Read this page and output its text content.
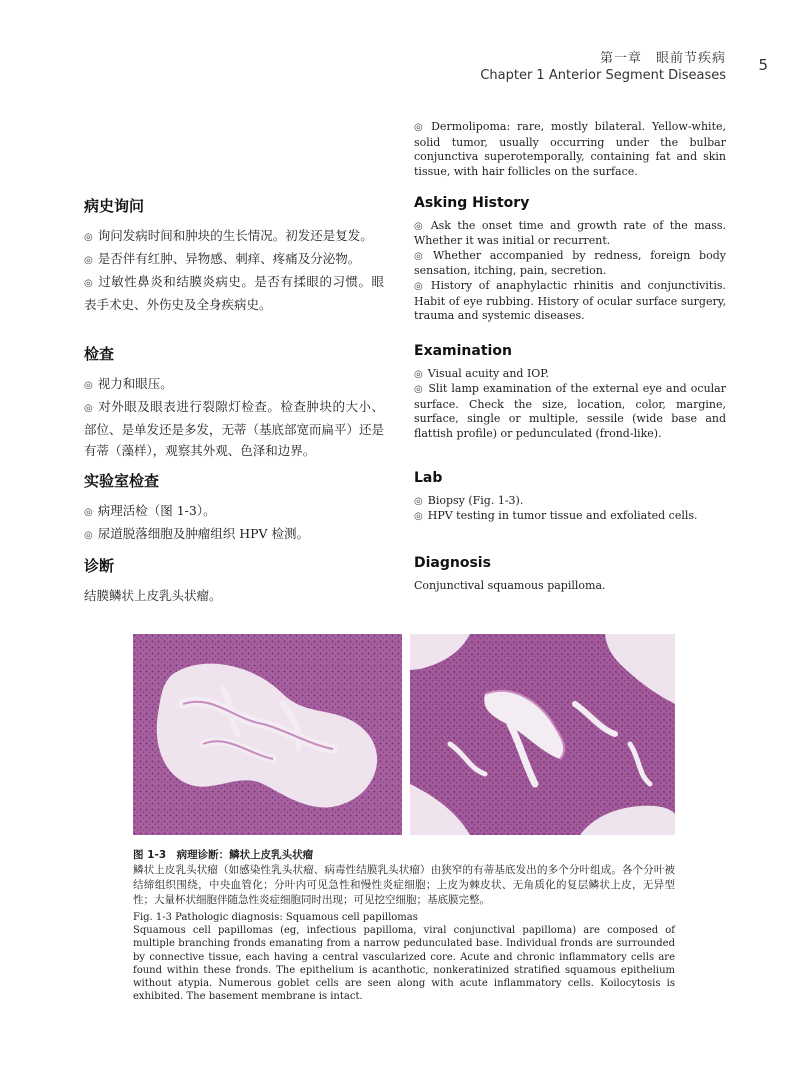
第一章　眼前节疾病
Chapter 1 Anterior Segment Diseases
5
◎ Dermolipoma: rare, mostly bilateral. Yellow-white, solid tumor, usually occurring under the bulbar conjunctiva superotemporally, containing fat and skin tissue, with hair follicles on the surface.
病史询问

◎ 询问发病时间和肿块的生长情况。初发还是复发。

◎ 是否伴有红肿、异物感、刺痒、疼痛及分泌物。

◎ 过敏性鼻炎和结膜炎病史。是否有揉眼的习惯。眼表手术史、外伤史及全身疾病史。

Asking History

◎ Ask the onset time and growth rate of the mass. Whether it was initial or recurrent.

◎ Whether accompanied by redness, foreign body sensation, itching, pain, secretion.

◎ History of anaphylactic rhinitis and conjunctivitis. Habit of eye rubbing. History of ocular surface surgery, trauma and systemic diseases.

检查

◎ 视力和眼压。

◎ 对外眼及眼表进行裂隙灯检查。检查肿块的大小、部位、是单发还是多发，无蒂（基底部宽而扁平）还是有蒂（藻样），观察其外观、色泽和边界。

Examination

◎ Visual acuity and IOP.

◎ Slit lamp examination of the external eye and ocular surface. Check the size, location, color, margine, surface, single or multiple, sessile (wide base and flattish profile) or pedunculated (frond-like).

实验室检查

◎ 病理活检（图 1-3）。

◎ 尿道脱落细胞及肿瘤组织 HPV 检测。

Lab

◎ Biopsy (Fig. 1-3).

◎ HPV testing in tumor tissue and exfoliated cells.

诊断

结膜鳞状上皮乳头状瘤。

Diagnosis

Conjunctival squamous papilloma.

图 1-3　病理诊断：鳞状上皮乳头状瘤
鳞状上皮乳头状瘤（如感染性乳头状瘤、病毒性结膜乳头状瘤）由狭窄的有蒂基底发出的多个分叶组成。各个分叶被结缔组织围绕，中央血管化；分叶内可见急性和慢性炎症细胞；上皮为棘皮状、无角质化的复层鳞状上皮，无异型性；大量杯状细胞伴随急性炎症细胞同时出现；可见挖空细胞；基底膜完整。
Fig. 1-3 Pathologic diagnosis: Squamous cell papillomas
Squamous cell papillomas (eg, infectious papilloma, viral conjunctival papilloma) are composed of multiple branching fronds emanating from a narrow pedunculated base. Individual fronds are surrounded by connective tissue, each having a central vascularized core. Acute and chronic inflammatory cells are found within these fronds. The epithelium is acanthotic, nonkeratinized stratified squamous epithelium without atypia. Numerous goblet cells are seen along with acute inflammatory cells. Koilocytosis is exhibited. The basement membrane is intact.
